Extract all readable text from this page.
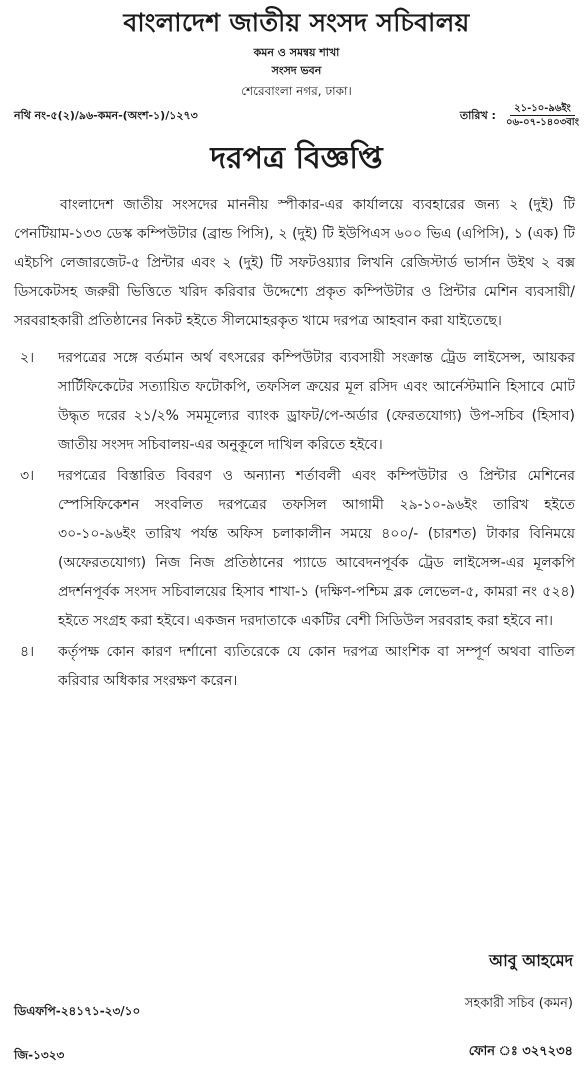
বাংলাদেশ জাতীয় সংসদ সচিবালয়
কমন ও সমন্বয় শাখা
সংসদ ভবন
শেরেবাংলা নগর, ঢাকা।
নথি নং-৫(২)/৯৬-কমন-(অংশ-১)/১২৭৩	তারিখ : $\frac{\text{২১-১০-৯৬ইং}}{\text{০৬-০৭-১৪০৩বাং}}$
দরপত্র বিজ্ঞপ্তি

বাংলাদেশ জাতীয় সংসদের মাননীয় স্পীকার-এর কার্যালয়ে ব্যবহারের জন্য ২ (দুই) টি পেনটিয়াম-১৩৩ ডেস্ক কম্পিউটার (ব্রান্ড পিসি), ২ (দুই) টি ইউপিএস ৬০০ ভিএ (এপিসি), ১ (এক) টি এইচপি লেজারজেট-৫ প্রিন্টার এবং ২ (দুই) টি সফটওয়্যার লিখনি রেজিস্টার্ড ভার্সান উইথ ২ বক্স ডিসকেটসহ জরুরী ভিত্তিতে খরিদ করিবার উদ্দেশ্যে প্রকৃত কম্পিউটার ও প্রিন্টার মেশিন ব্যবসায়ী/সরবরাহকারী প্রতিষ্ঠানের নিকট হইতে সীলমোহরকৃত খামে দরপত্র আহবান করা যাইতেছে।

২।	দরপত্রের সঙ্গে বর্তমান অর্থ বৎসরের কম্পিউটার ব্যবসায়ী সংক্রান্ত ট্রেড লাইসেন্স, আয়কর সার্টিফিকেটের সত্যায়িত ফটোকপি, তফসিল ক্রয়ের মূল রসিদ এবং আর্নেস্টমানি হিসাবে মোট উদ্ধৃত দরের ২১/২% সমমূল্যের ব্যাংক ড্রাফট/পে-অর্ডার (ফেরতযোগ্য) উপ-সচিব (হিসাব) জাতীয় সংসদ সচিবালয়-এর অনুকূলে দাখিল করিতে হইবে।
৩।	দরপত্রের বিস্তারিত বিবরণ ও অন্যান্য শর্তাবলী এবং কম্পিউটার ও প্রিন্টার মেশিনের স্পেসিফিকেশন সংবলিত দরপত্রের তফসিল আগামী ২৯-১০-৯৬ইং তারিখ হইতে ৩০-১০-৯৬ইং তারিখ পর্যন্ত অফিস চলাকালীন সময়ে ৪০০/- (চারশত) টাকার বিনিময়ে (অফেরতযোগ্য) নিজ নিজ প্রতিষ্ঠানের প্যাডে আবেদনপূর্বক ট্রেড লাইসেন্স-এর মূলকপি প্রদর্শনপূর্বক সংসদ সচিবালয়ের হিসাব শাখা-১ (দক্ষিণ-পশ্চিম ব্লক লেভেল-৫, কামরা নং ৫২৪) হইতে সংগ্রহ করা হইবে। একজন দরদাতাকে একটির বেশী সিডিউল সরবরাহ করা হইবে না।
৪।	কর্তৃপক্ষ কোন কারণ দর্শানো ব্যতিরেকে যে কোন দরপত্র আংশিক বা সম্পূর্ণ অথবা বাতিল করিবার অধিকার সংরক্ষণ করেন।
আবু আহমেদ
সহকারী সচিব (কমন)
ফোন ঃ ৩২৭২৩৪
ডিএফপি-২৪১৭১-২৩/১০
জি-১৩২৩
